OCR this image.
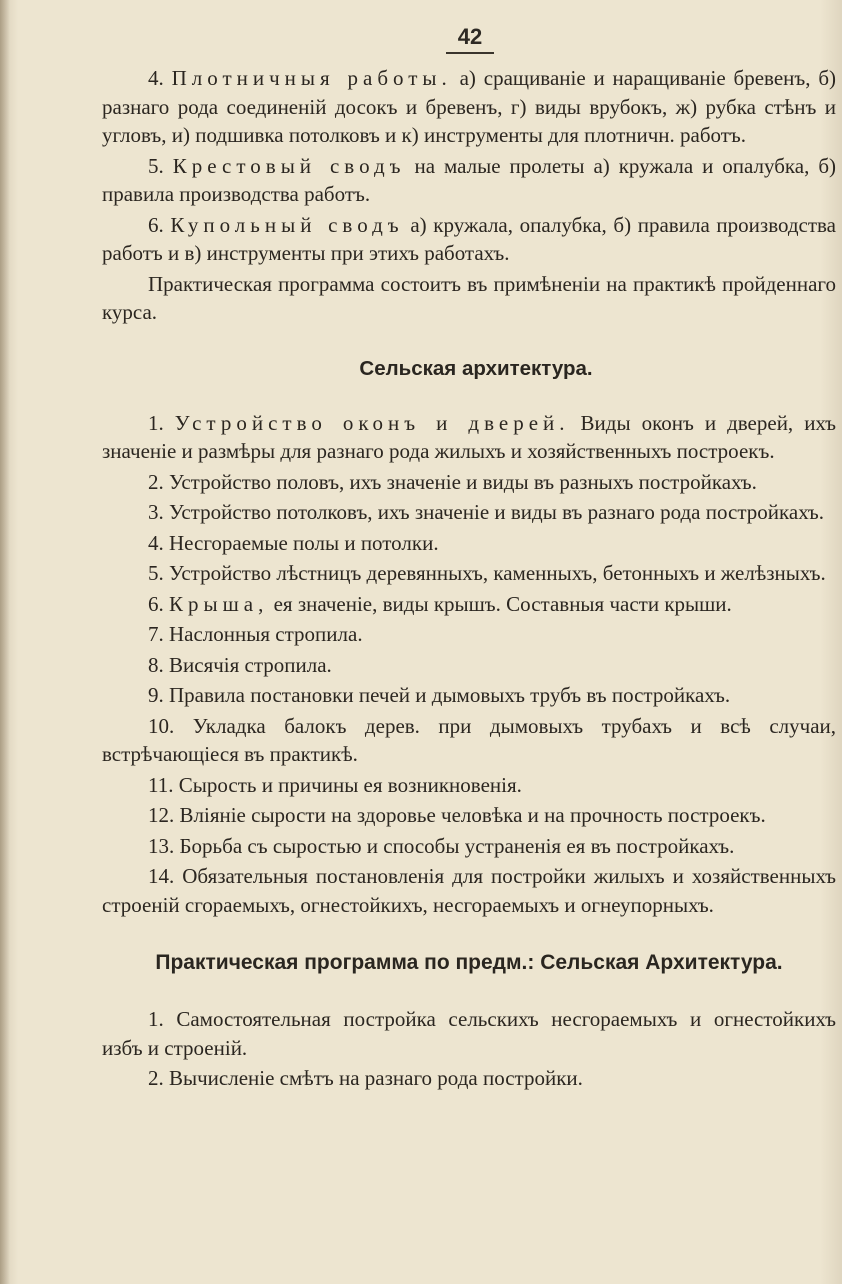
42

4. Плотничныя работы. а) сращиваніе и наращиваніе бревенъ, б) разнаго рода соединеній досокъ и бревенъ, г) виды врубокъ, ж) рубка стѣнъ и угловъ, и) подшивка потолковъ и к) инструменты для плотничн. работъ.

5. Крестовый сводъ на малые пролеты а) кружала и опалубка, б) правила производства работъ.

6. Купольный сводъ а) кружала, опалубка, б) правила производства работъ и в) инструменты при этихъ работахъ.

Практическая программа состоитъ въ примѣненіи на практикѣ пройденнаго курса.

Сельская архитектура.

1. Устройство оконъ и дверей. Виды оконъ и дверей, ихъ значеніе и размѣры для разнаго рода жилыхъ и хозяйственныхъ построекъ.

2. Устройство половъ, ихъ значеніе и виды въ разныхъ постройкахъ.

3. Устройство потолковъ, ихъ значеніе и виды въ разнаго рода постройкахъ.

4. Несгораемые полы и потолки.

5. Устройство лѣстницъ деревянныхъ, каменныхъ, бетонныхъ и желѣзныхъ.

6. Крыша, ея значеніе, виды крышъ. Составныя части крыши.

7. Наслонныя стропила.

8. Висячія стропила.

9. Правила постановки печей и дымовыхъ трубъ въ постройкахъ.

10. Укладка балокъ дерев. при дымовыхъ трубахъ и всѣ случаи, встрѣчающіеся въ практикѣ.

11. Сырость и причины ея возникновенія.

12. Вліяніе сырости на здоровье человѣка и на прочность построекъ.

13. Борьба съ сыростью и способы устраненія ея въ постройкахъ.

14. Обязательныя постановленія для постройки жилыхъ и хозяйственныхъ строеній сгораемыхъ, огнестойкихъ, несгораемыхъ и огнеупорныхъ.

Практическая программа по предм.: Сельская Архитектура.

1. Самостоятельная постройка сельскихъ несгораемыхъ и огнестойкихъ избъ и строеній.

2. Вычисленіе смѣтъ на разнаго рода постройки.
